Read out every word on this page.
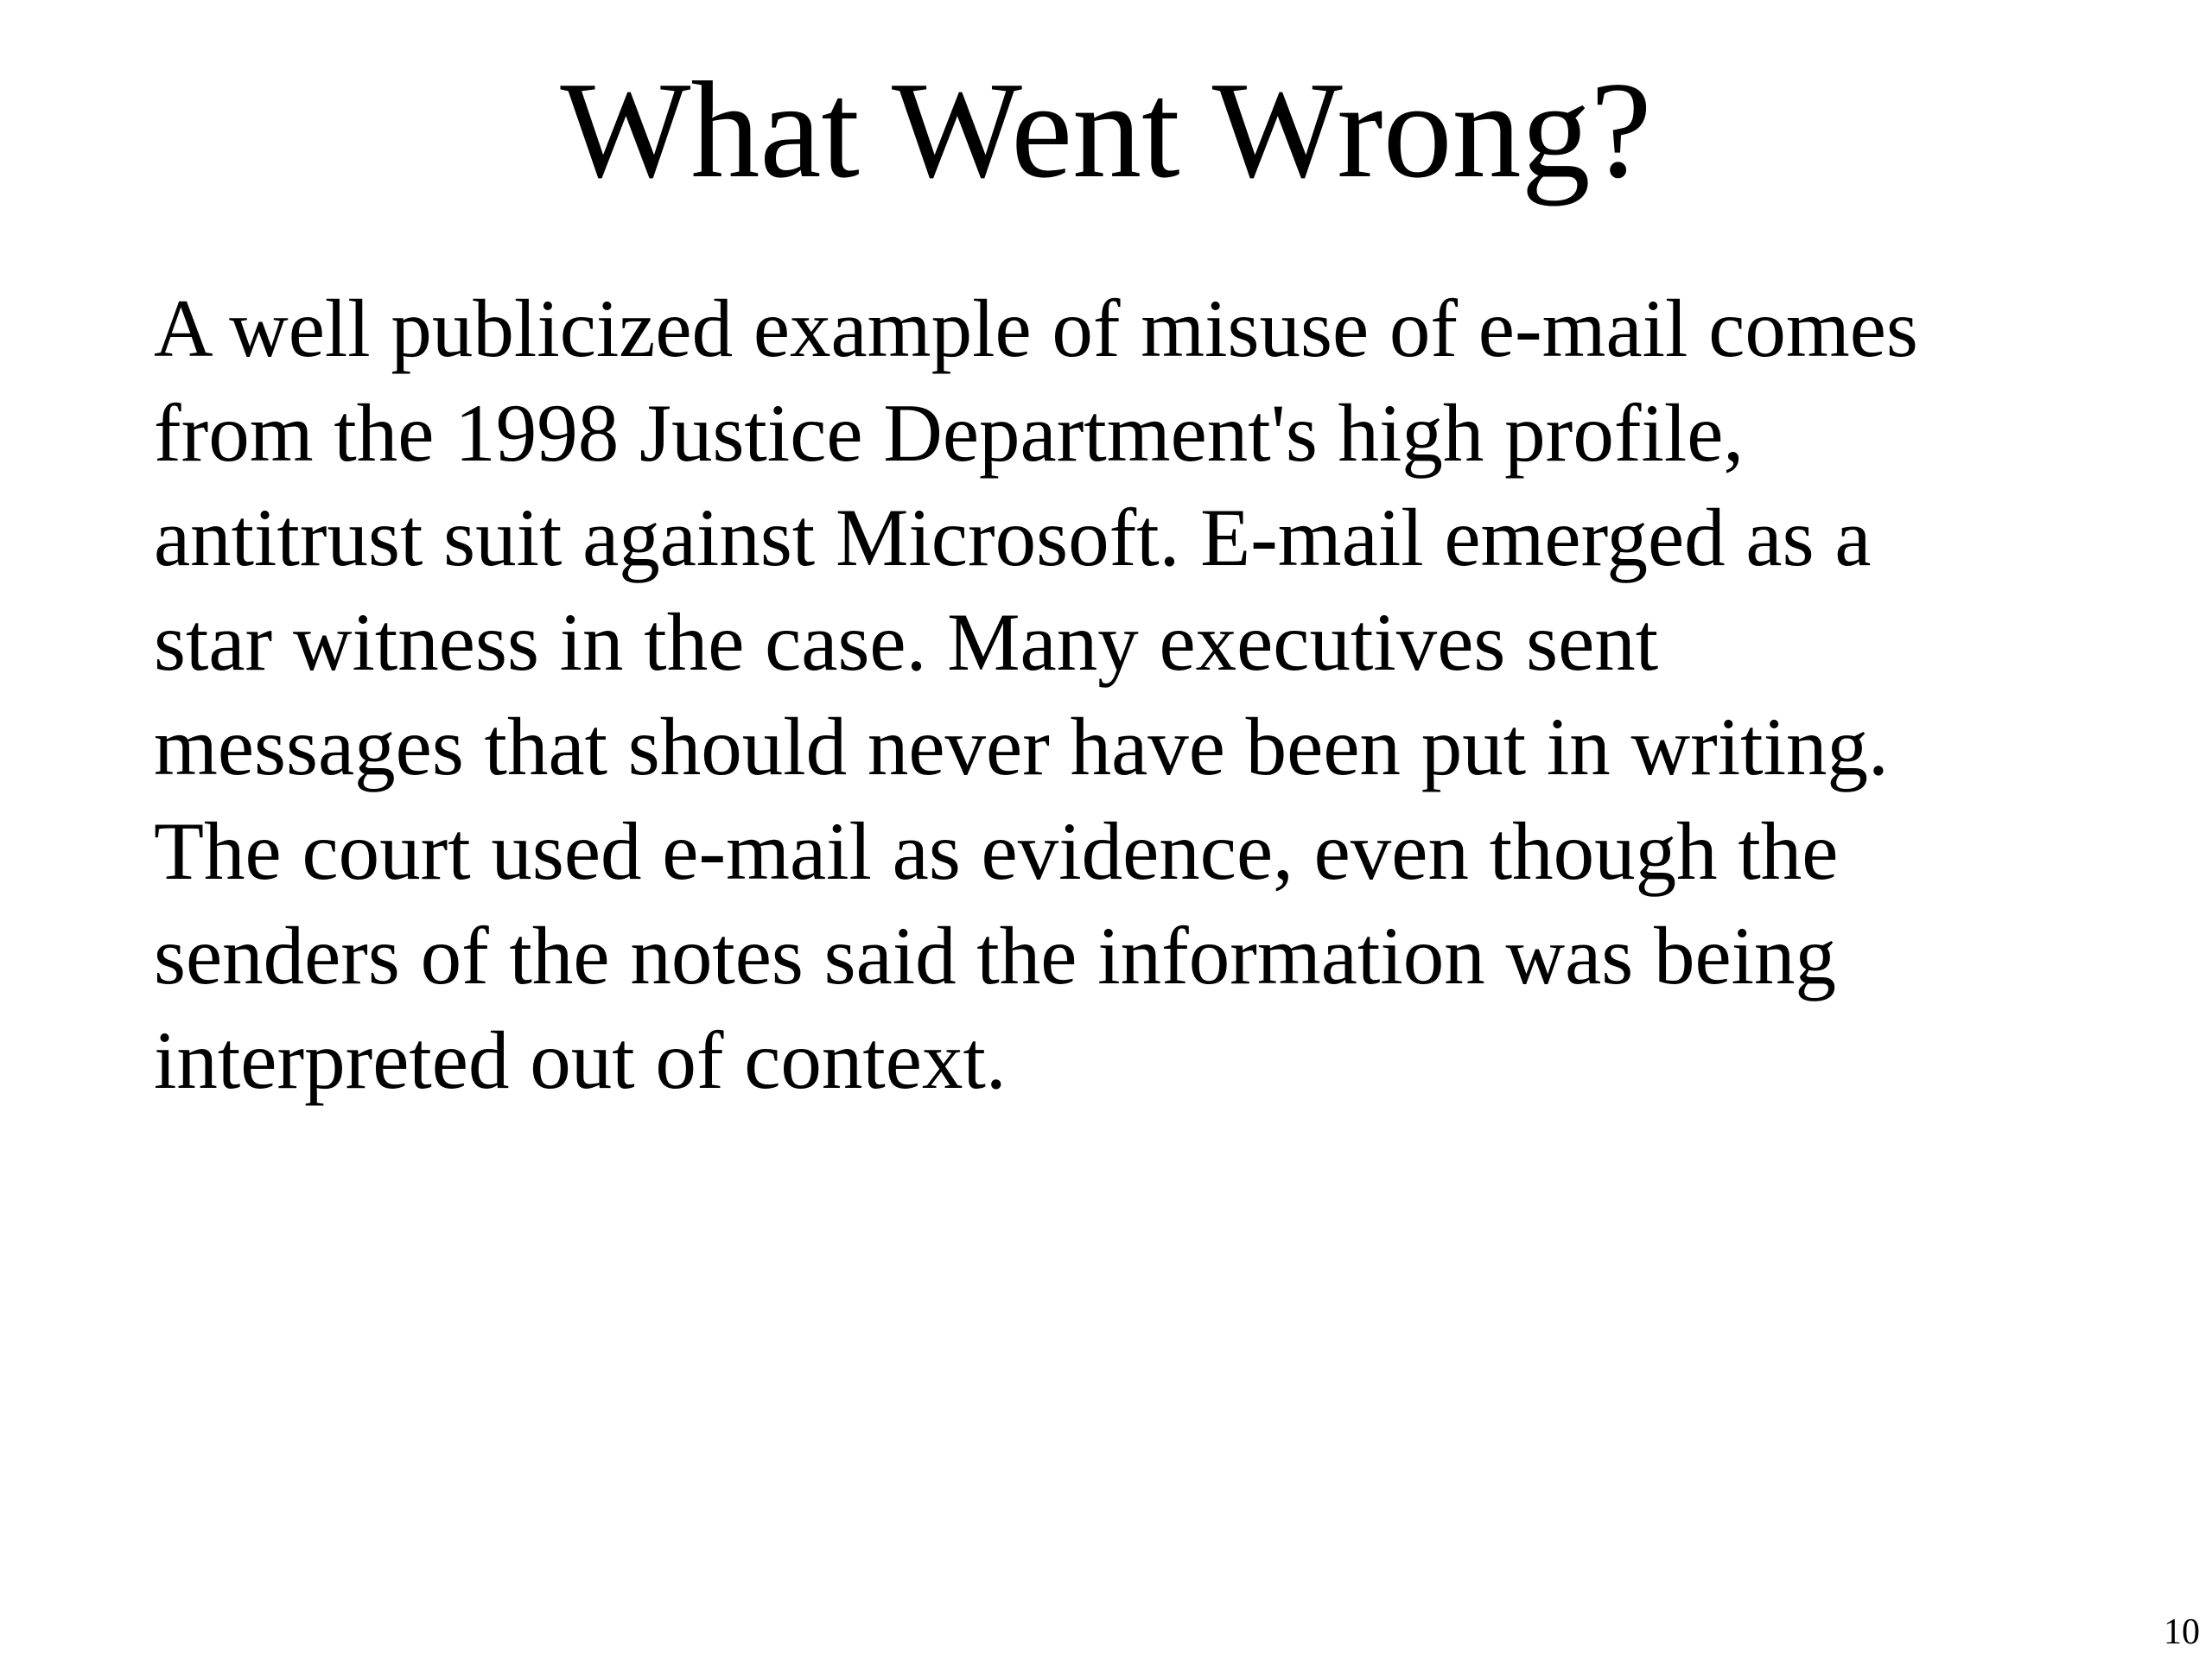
What Went Wrong?
A well publicized example of misuse of e-mail comes
from the 1998 Justice Department's high profile,
antitrust suit against Microsoft. E-mail emerged as a
star witness in the case. Many executives sent
messages that should never have been put in writing.
The court used e-mail as evidence, even though the
senders of the notes said the information was being
interpreted out of context.
10
